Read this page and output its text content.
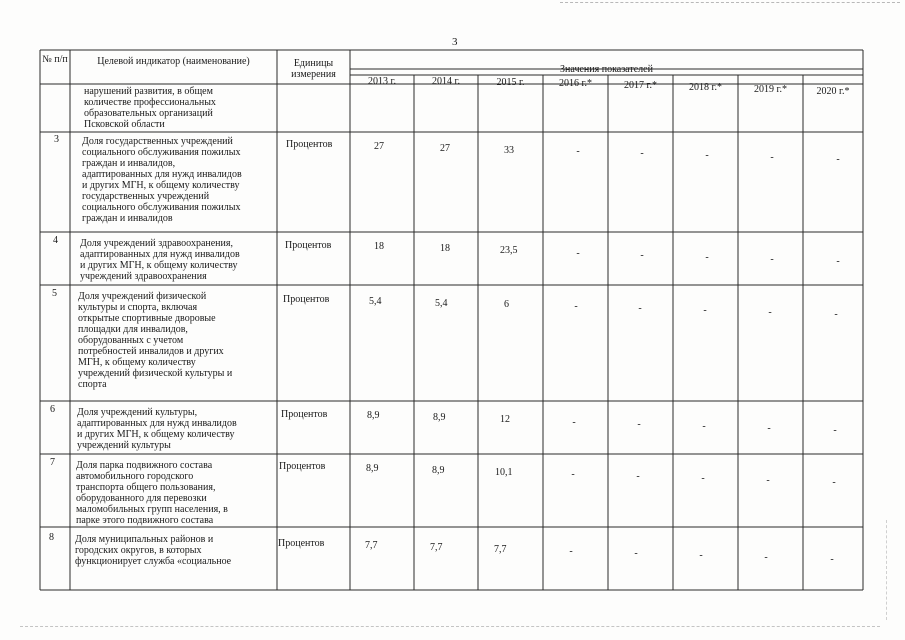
3
№ п/п	Целевой индикатор (наименование)	Единицы измерения	Значения показателей
2013 г.	2014 г.	2015 г.	2016 г.*	2017 г.*	2018 г.*	2019 г.*	2020 г.*
нарушений развития, в общем
количестве профессиональных
образовательных организаций
Псковской области
3 Доля государственных учреждений
социального обслуживания пожилых
граждан и инвалидов,
адаптированных для нужд инвалидов
и других МГН, к общему количеству
государственных учреждений
социального обслуживания пожилых
граждан и инвалидов
Процентов	27	27	33	-	-	-	-	-
4 Доля учреждений здравоохранения,
адаптированных для нужд инвалидов
и других МГН, к общему количеству
учреждений здравоохранения
Процентов	18	18	23,5	-	-	-	-	-
5 Доля учреждений физической
культуры и спорта, включая
открытые спортивные дворовые
площадки для инвалидов,
оборудованных с учетом
потребностей инвалидов и других
МГН, к общему количеству
учреждений физической культуры и
спорта
Процентов	5,4	5,4	6	-	-	-	-	-
6 Доля учреждений культуры,
адаптированных для нужд инвалидов
и других МГН, к общему количеству
учреждений культуры
Процентов	8,9	8,9	12	-	-	-	-	-
7 Доля парка подвижного состава
автомобильного городского
транспорта общего пользования,
оборудованного для перевозки
маломобильных групп населения, в
парке этого подвижного состава
Процентов	8,9	8,9	10,1	-	-	-	-	-
8 Доля муниципальных районов и
городских округов, в которых
функционирует служба «социальное
Процентов	7,7	7,7	7,7	-	-	-	-	-
